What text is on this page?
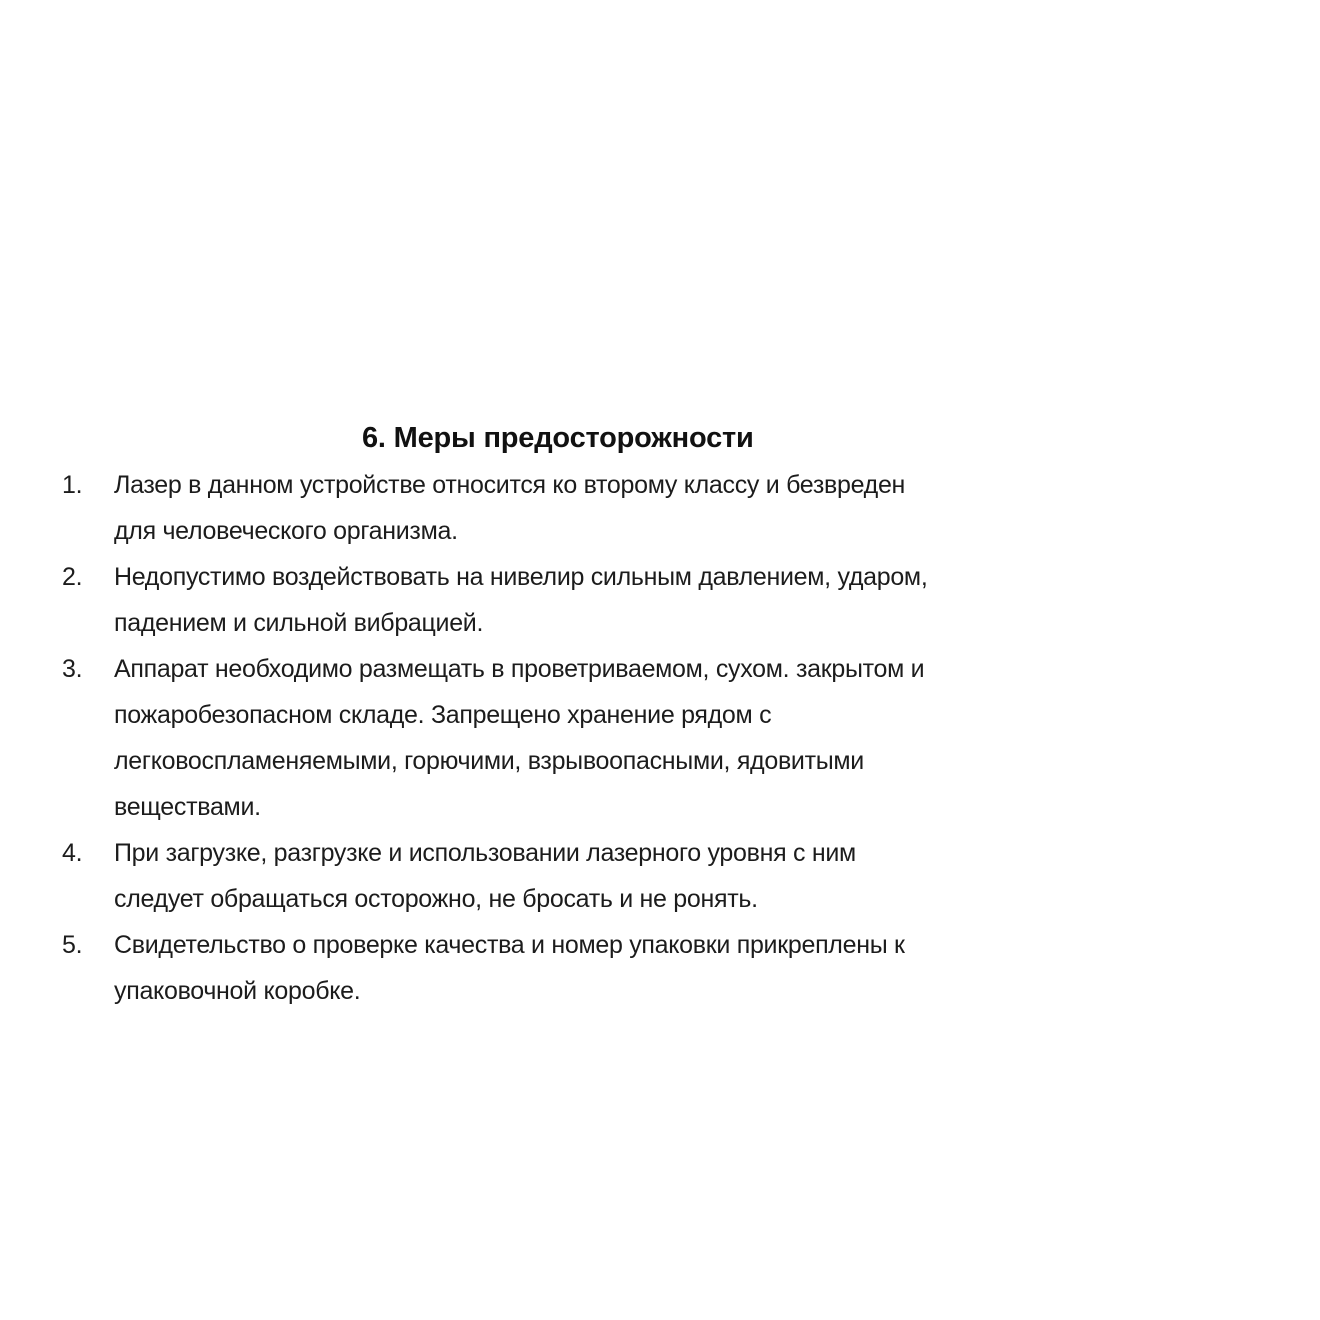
6. Меры предосторожности
1.	Лазер в данном устройстве относится ко второму классу и безвреден
для человеческого организма.
2.	Недопустимо воздействовать на нивелир сильным давлением, ударом,
падением и сильной вибрацией.
3.	Аппарат необходимо размещать в проветриваемом, сухом. закрытом и
пожаробезопасном складе. Запрещено хранение рядом с
легковоспламеняемыми, горючими, взрывоопасными, ядовитыми
веществами.
4.	При загрузке, разгрузке и использовании лазерного уровня с ним
следует обращаться осторожно, не бросать и не ронять.
5.	Свидетельство о проверке качества и номер упаковки прикреплены к
упаковочной коробке.
